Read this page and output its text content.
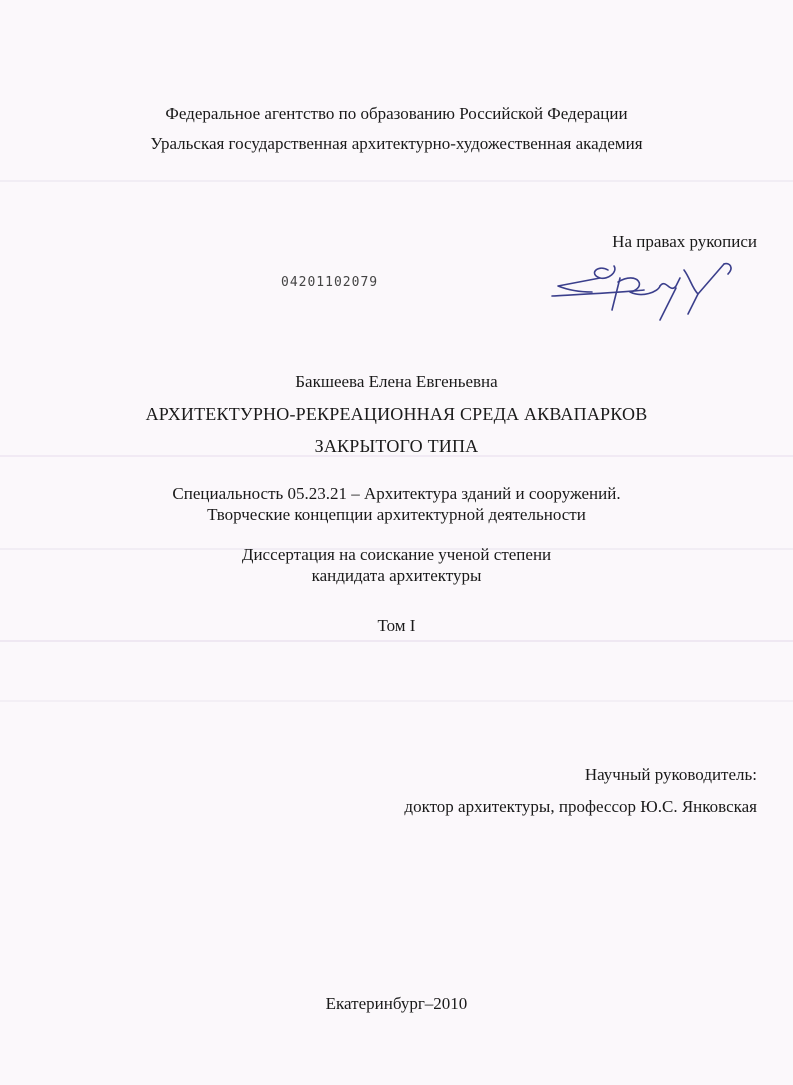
Федеральное агентство по образованию Российской Федерации
Уральская государственная архитектурно-художественная академия
На правах рукописи
04201102079
Бакшеева Елена Евгеньевна
АРХИТЕКТУРНО-РЕКРЕАЦИОННАЯ СРЕДА АКВАПАРКОВ
ЗАКРЫТОГО ТИПА
Специальность 05.23.21 – Архитектура зданий и сооружений.
Творческие концепции архитектурной деятельности
Диссертация на соискание ученой степени
кандидата архитектуры
Том I
Научный руководитель:
доктор архитектуры, профессор Ю.С. Янковская
Екатеринбург–2010
